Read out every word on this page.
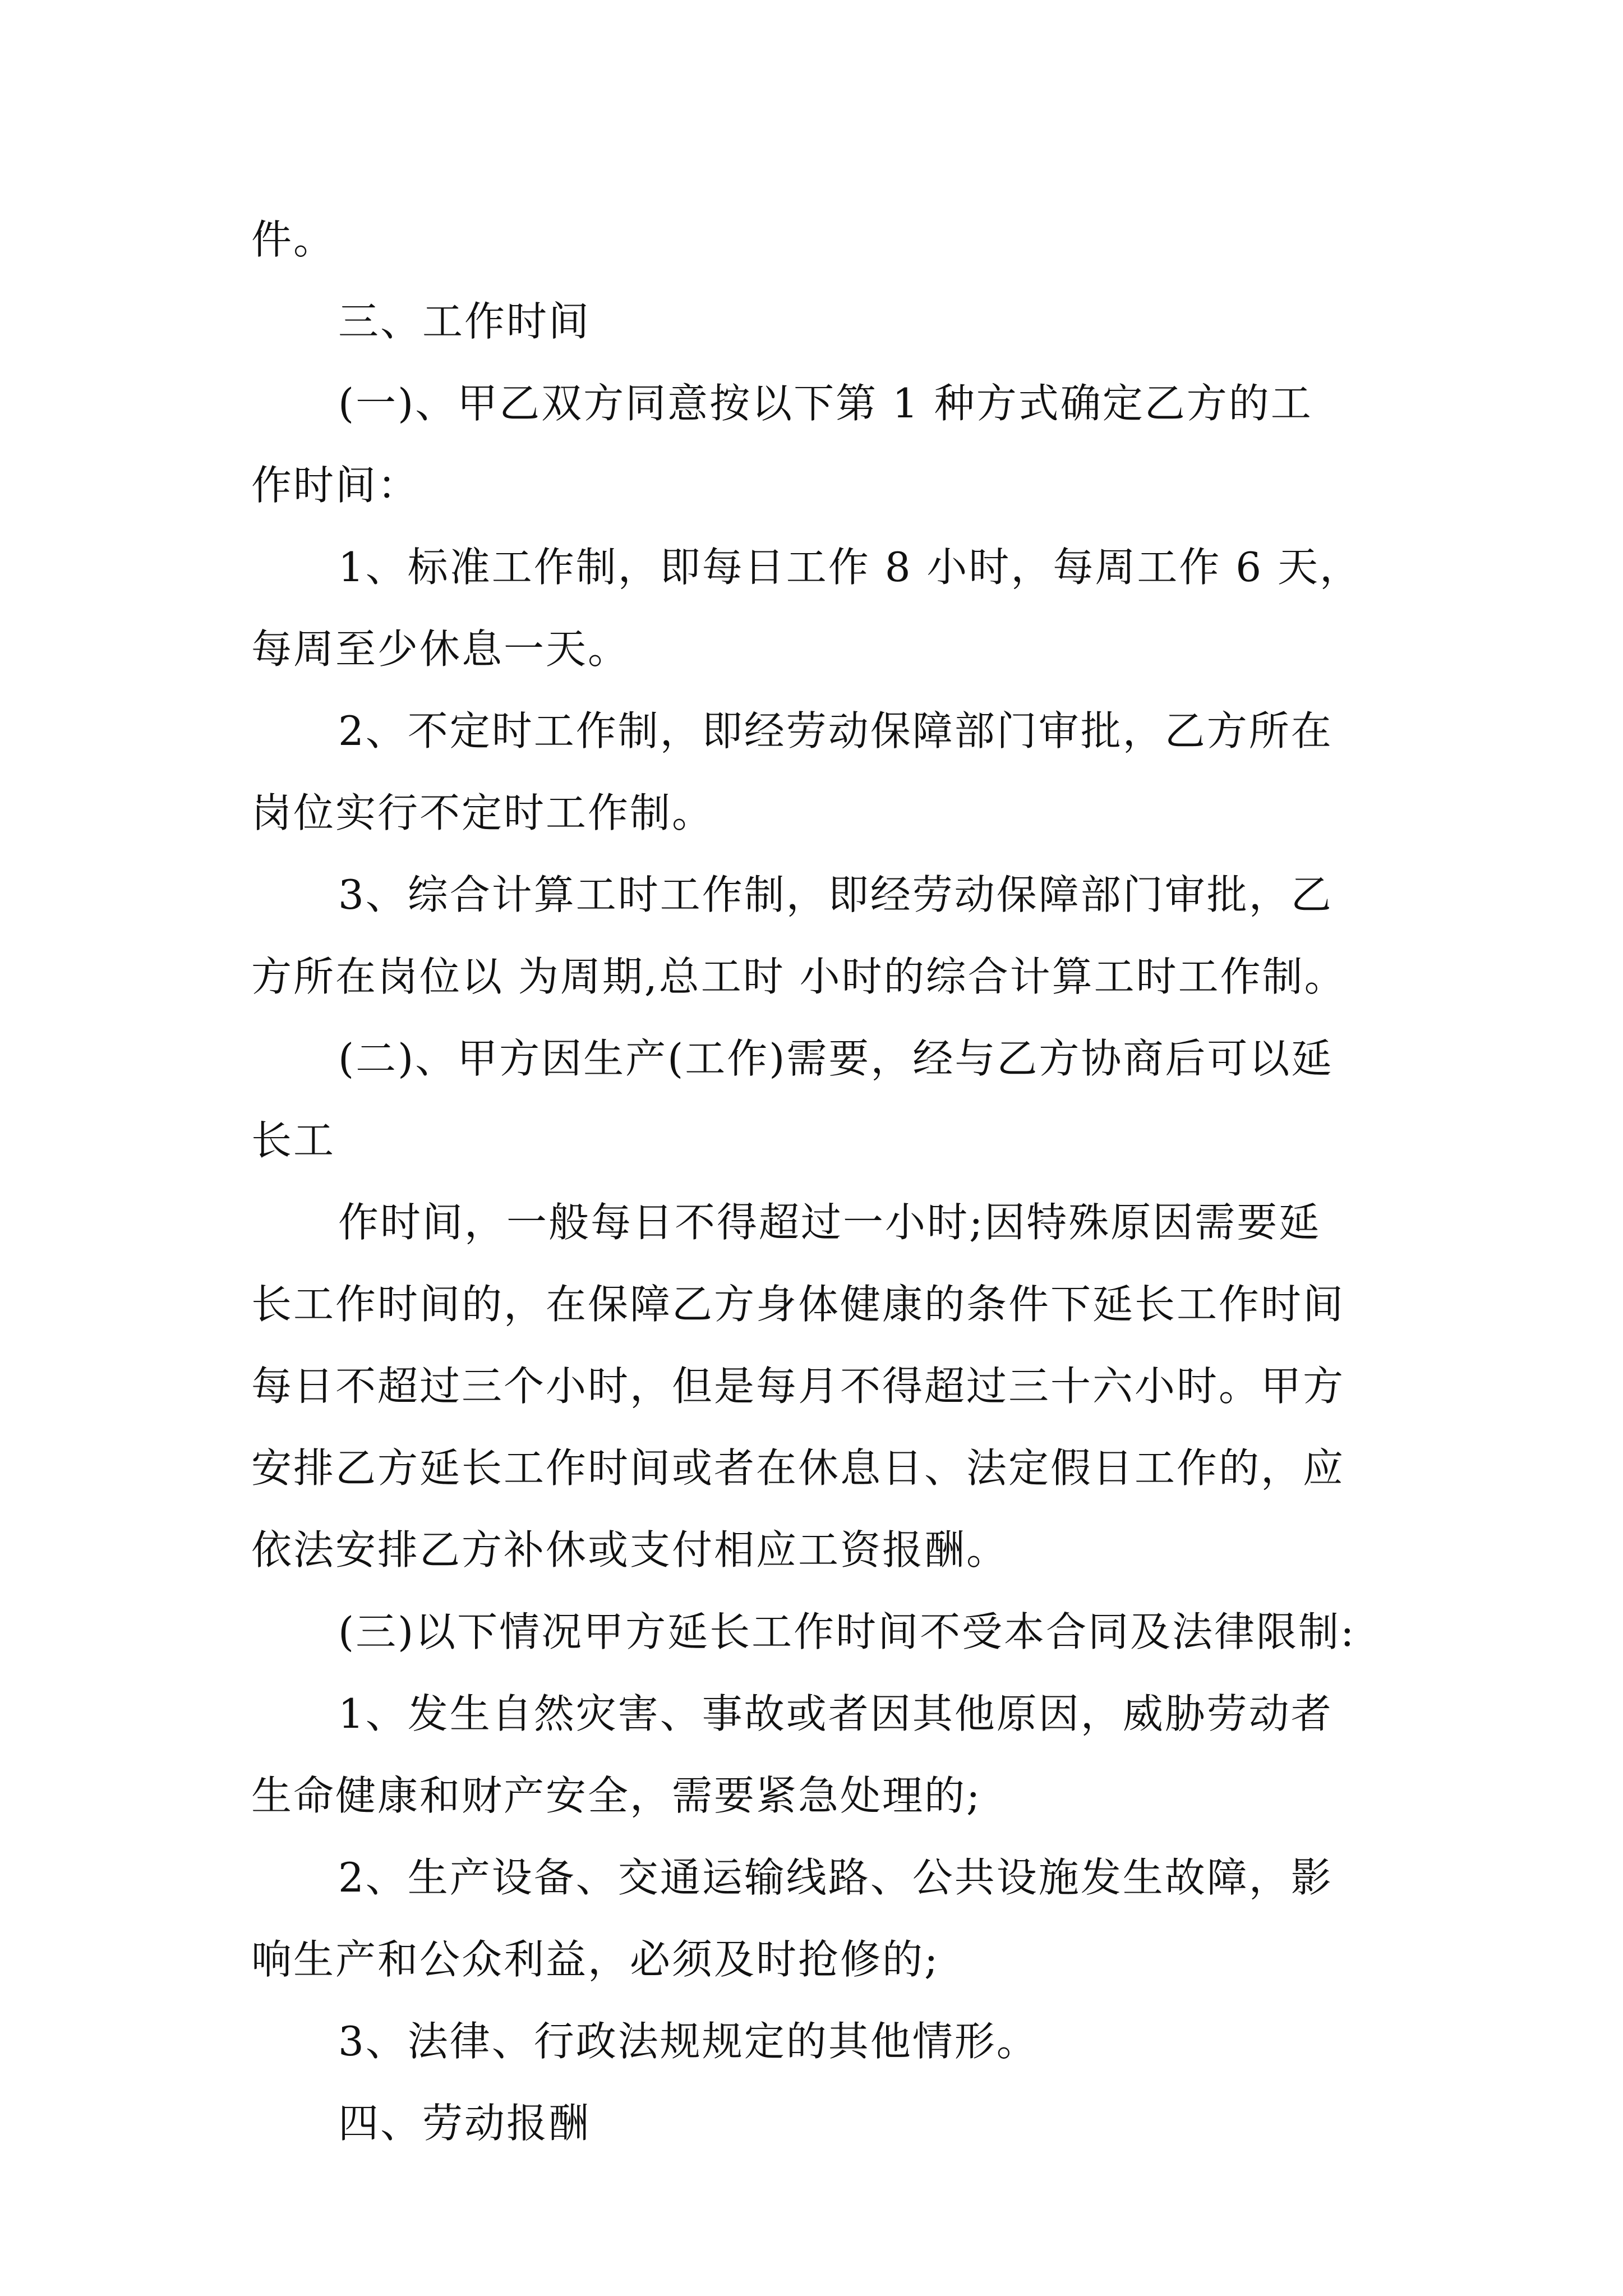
件。

三、工作时间

(一)、甲乙双方同意按以下第 1 种方式确定乙方的工

作时间：

1、标准工作制，即每日工作 8 小时，每周工作 6 天，

每周至少休息一天。

2、不定时工作制，即经劳动保障部门审批，乙方所在

岗位实行不定时工作制。

3、综合计算工时工作制，即经劳动保障部门审批，乙

方所在岗位以 为周期,总工时 小时的综合计算工时工作制。

(二)、甲方因生产(工作)需要，经与乙方协商后可以延

长工

作时间，一般每日不得超过一小时;因特殊原因需要延

长工作时间的，在保障乙方身体健康的条件下延长工作时间

每日不超过三个小时，但是每月不得超过三十六小时。甲方

安排乙方延长工作时间或者在休息日、法定假日工作的，应

依法安排乙方补休或支付相应工资报酬。

(三)以下情况甲方延长工作时间不受本合同及法律限制:

1、发生自然灾害、事故或者因其他原因，威胁劳动者

生命健康和财产安全，需要紧急处理的;

2、生产设备、交通运输线路、公共设施发生故障，影

响生产和公众利益，必须及时抢修的;

3、法律、行政法规规定的其他情形。

四、劳动报酬
